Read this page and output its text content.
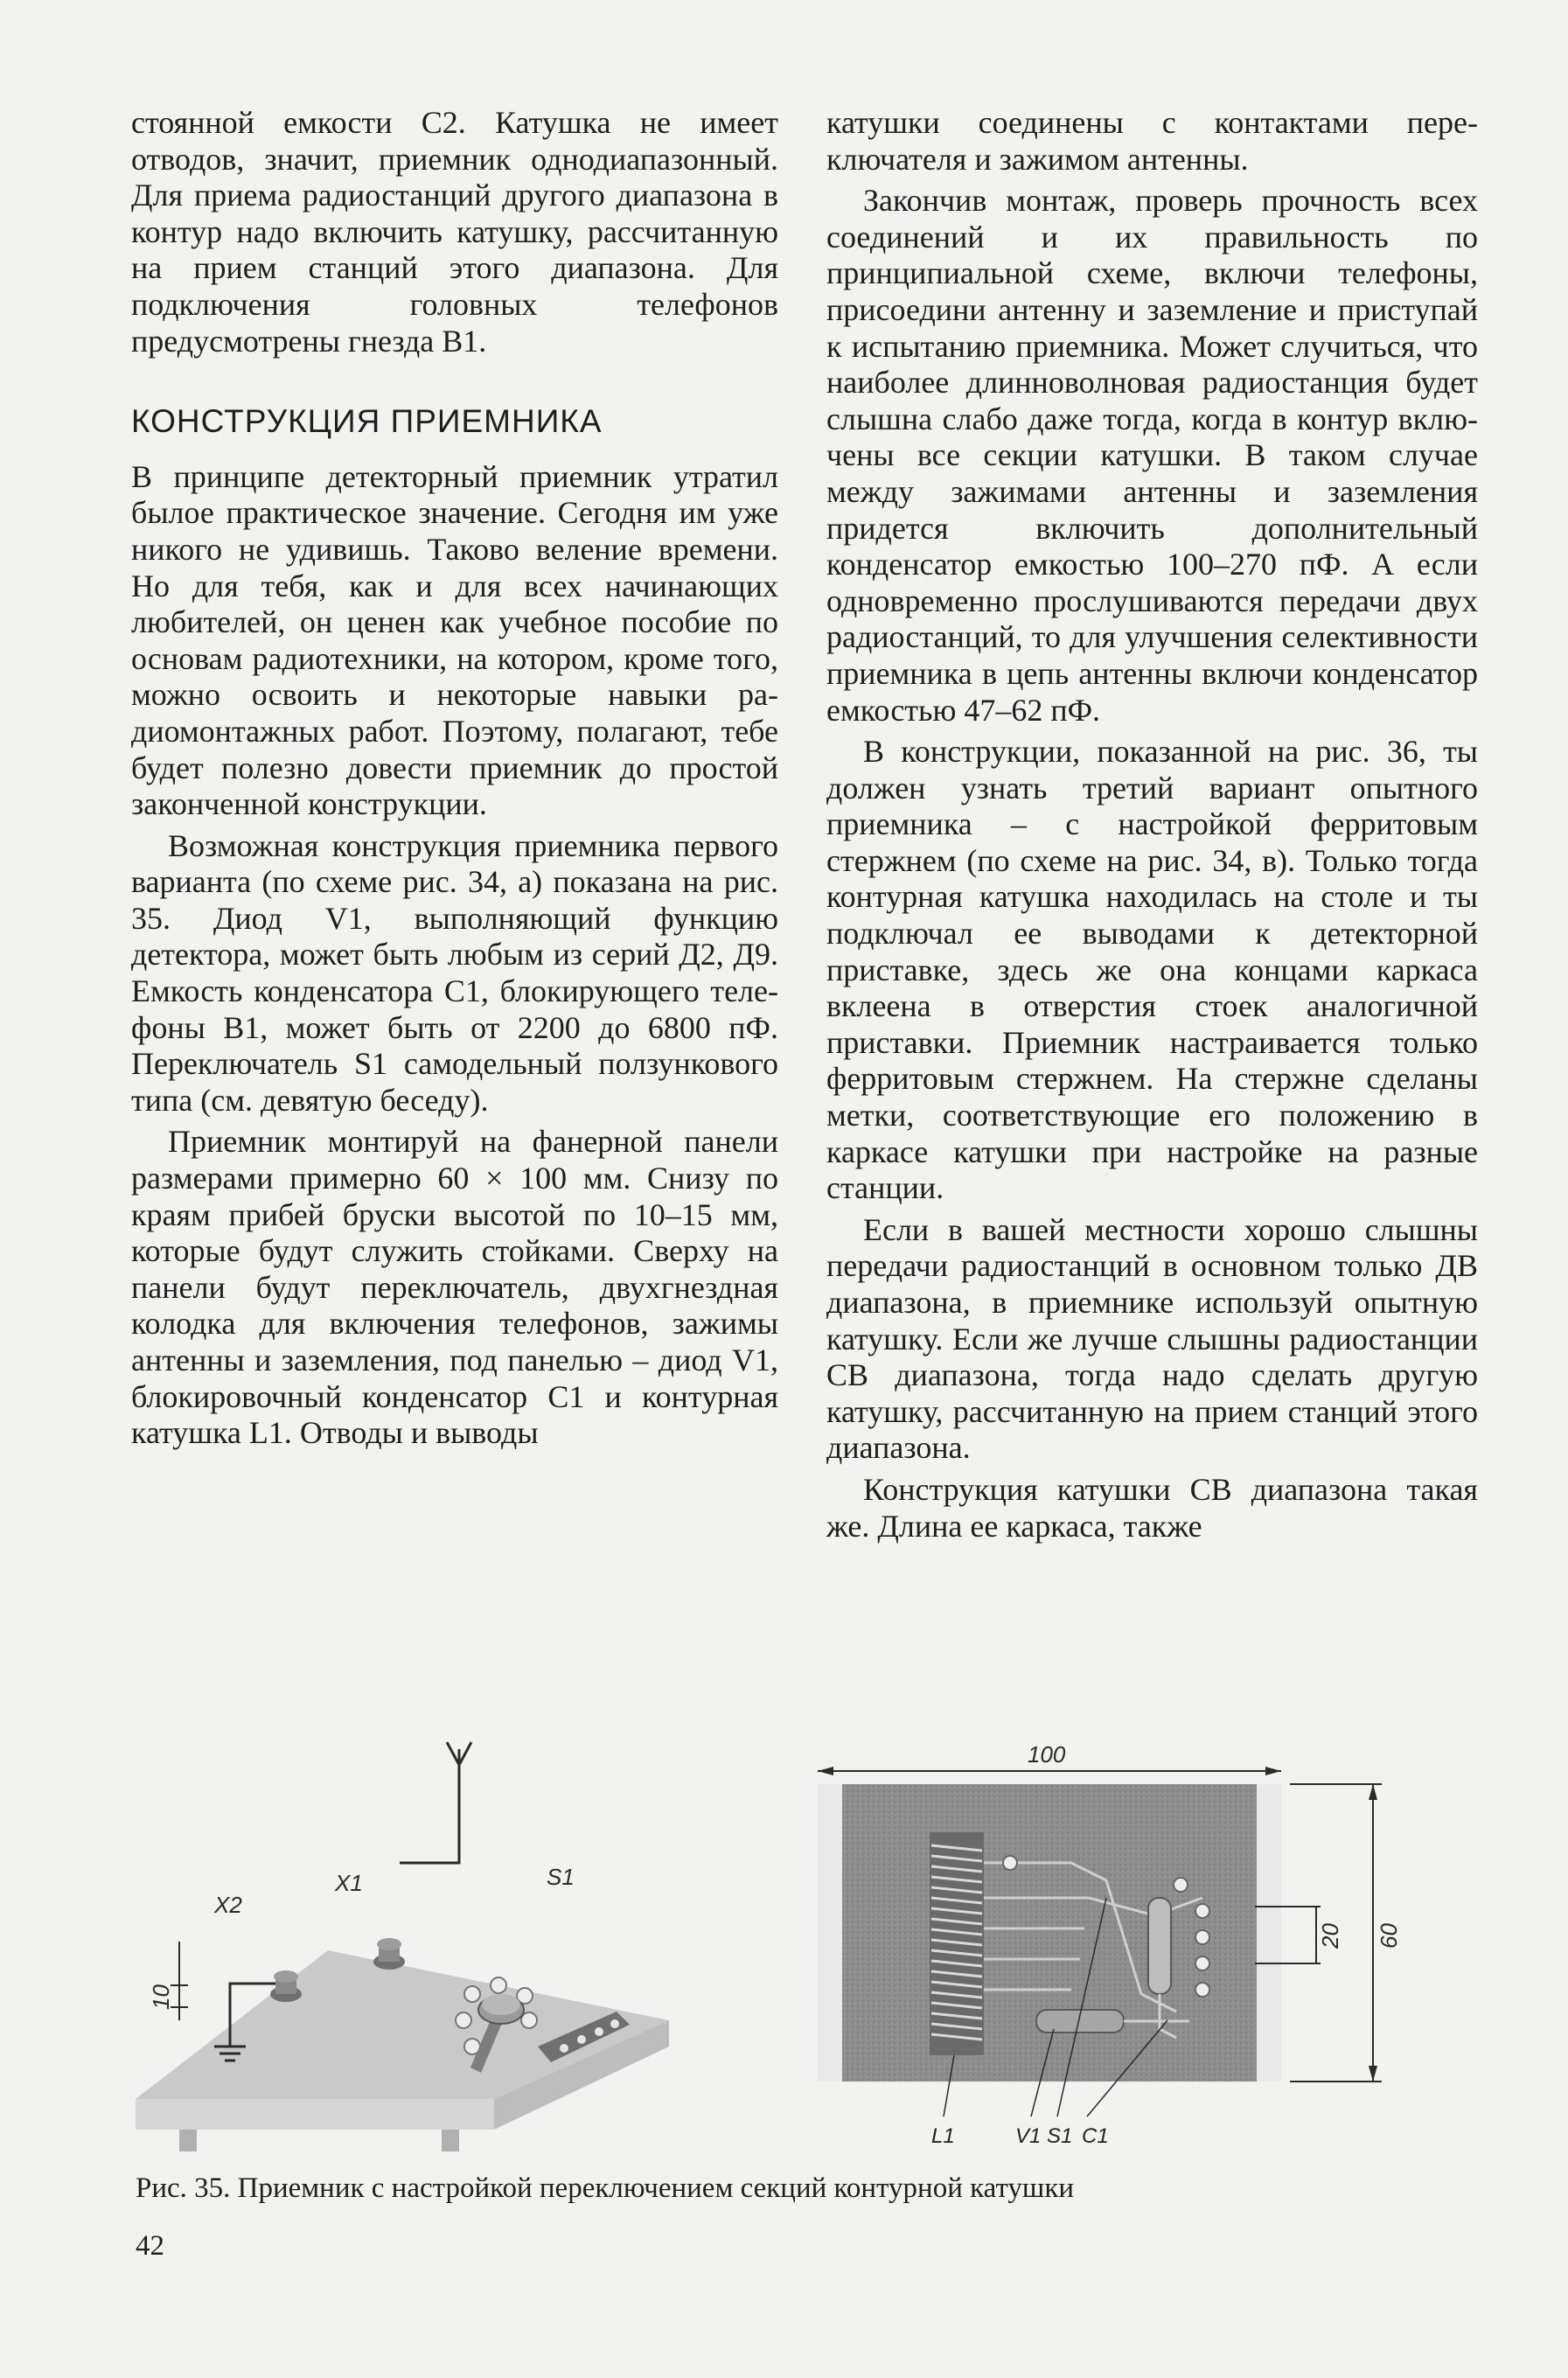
стоянной емкости С2. Катушка не имеет отводов, значит, приемник однодиапазонный. Для приема радиостанций другого диапазона в контур надо включить катушку, рассчитанную на прием станций этого диапазона. Для подключения головных телефонов предусмотрены гнезда В1.

КОНСТРУКЦИЯ ПРИЕМНИКА

В принципе детекторный приемник утратил былое практическое значение. Сегодня им уже никого не удивишь. Таково веление времени. Но для тебя, как и для всех начинающих любителей, он ценен как учебное пособие по основам радиотехники, на котором, кроме того, можно освоить и некоторые навыки радиомонтажных работ. Поэтому, полагают, тебе будет полезно довести приемник до простой законченной конструкции.

Возможная конструкция приемника первого варианта (по схеме рис. 34, а) показана на рис. 35. Диод V1, выполняющий функцию детектора, может быть любым из серий Д2, Д9. Емкость конденсатора С1, блокирующего телефоны В1, может быть от 2200 до 6800 пФ. Переключатель S1 самодельный ползункового типа (см. девятую беседу).

Приемник монтируй на фанерной панели размерами примерно 60 × 100 мм. Снизу по краям прибей бруски высотой по 10–15 мм, которые будут служить стойками. Сверху на панели будут переключатель, двухгнездная колодка для включения телефонов, зажимы антенны и заземления, под панелью – диод V1, блокировочный конденсатор С1 и контурная катушка L1. Отводы и выводы

катушки соединены с контактами переключателя и зажимом антенны.

Закончив монтаж, проверь прочность всех соединений и их правильность по принципиальной схеме, включи телефоны, присоедини антенну и заземление и приступай к испытанию приемника. Может случиться, что наиболее длинноволновая радиостанция будет слышна слабо даже тогда, когда в контур включены все секции катушки. В таком случае между зажимами антенны и заземления придется включить дополнительный конденсатор емкостью 100–270 пФ. А если одновременно прослушиваются передачи двух радиостанций, то для улучшения селективности приемника в цепь антенны включи конденсатор емкостью 47–62 пФ.

В конструкции, показанной на рис. 36, ты должен узнать третий вариант опытного приемника – с настройкой ферритовым стержнем (по схеме на рис. 34, в). Только тогда контурная катушка находилась на столе и ты подключал ее выводами к детекторной приставке, здесь же она концами каркаса вклеена в отверстия стоек аналогичной приставки. Приемник настраивается только ферритовым стержнем. На стержне сделаны метки, соответствующие его положению в каркасе катушки при настройке на разные станции.

Если в вашей местности хорошо слышны передачи радиостанций в основном только ДВ диапазона, в приемнике используй опытную катушку. Если же лучше слышны радиостанции СВ диапазона, тогда надо сделать другую катушку, рассчитанную на прием станций этого диапазона.

Конструкция катушки СВ диапазона такая же. Длина ее каркаса, также

X1
X2
S1
10
100
60
20
L1	V1 S1 C1
Рис. 35. Приемник с настройкой переключением секций контурной катушки
42
